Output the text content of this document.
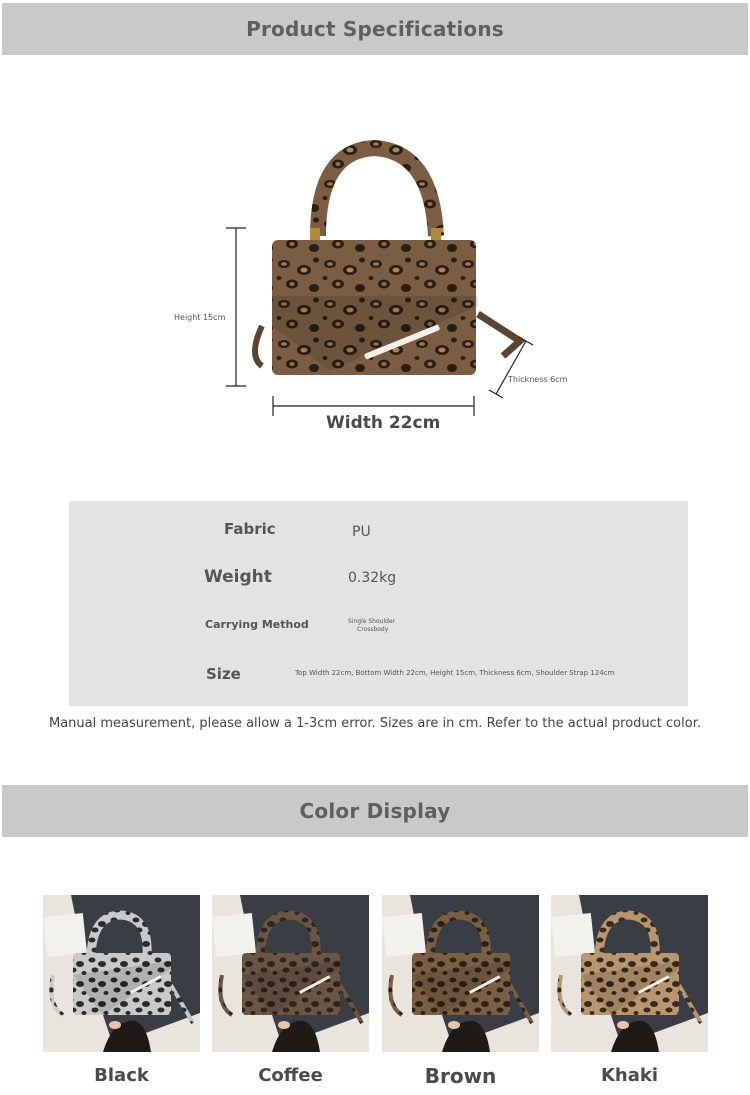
Product Specifications
Height 15cm
Width 22cm
Thickness 6cm
Fabric	PU
Weight	0.32kg
Carrying Method	Single Shoulder
Crossbody
Size	Top Width 22cm, Bottom Width 22cm, Height 15cm, Thickness 6cm, Shoulder Strap 124cm
Manual measurement, please allow a 1-3cm error. Sizes are in cm. Refer to the actual product color.
Color Display
Black	Coffee	Brown	Khaki
